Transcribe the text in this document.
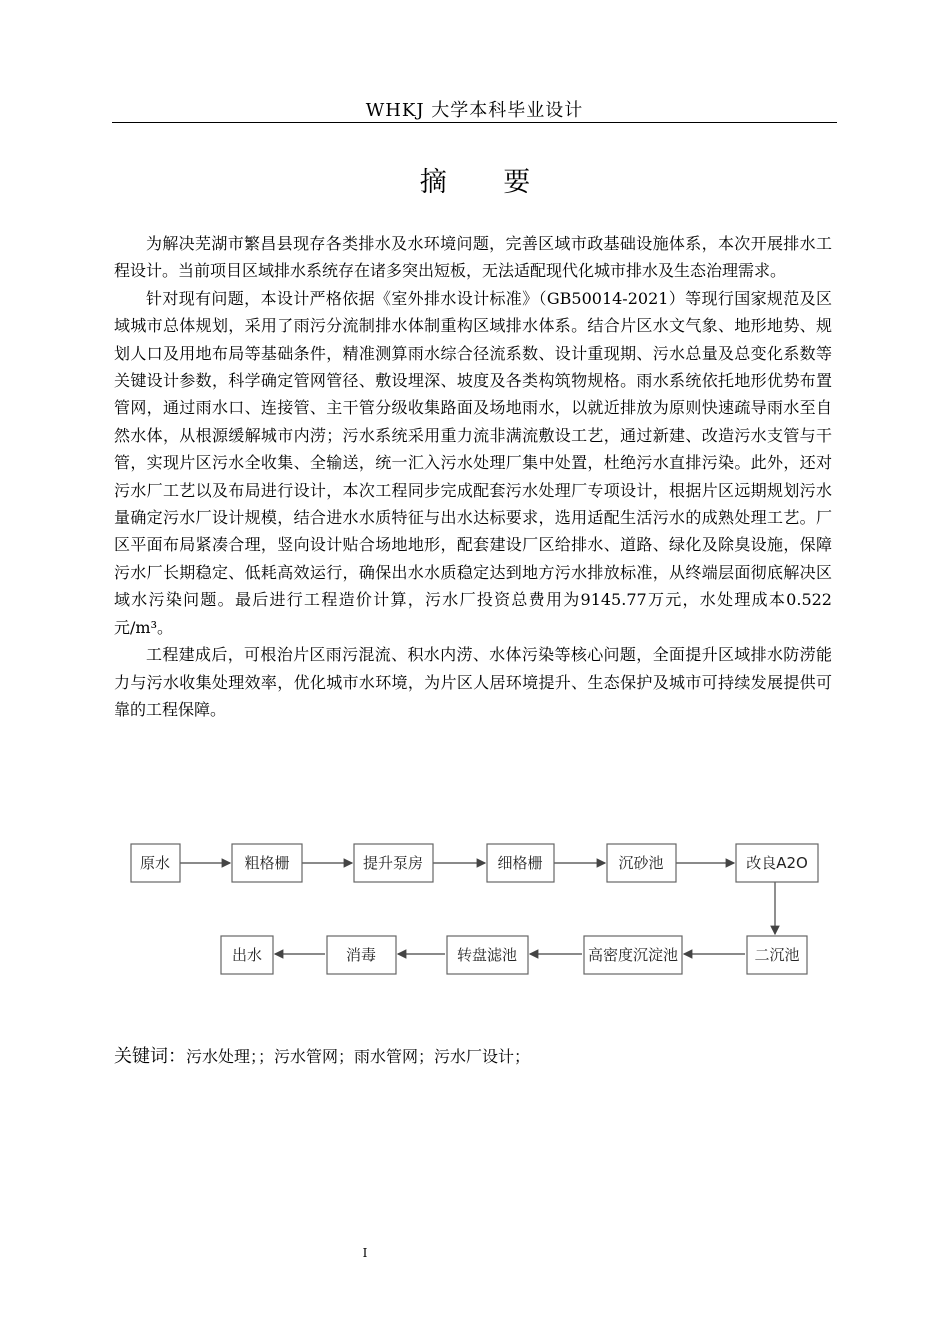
WHKJ 大学本科毕业设计
摘 要

为解决芜湖市繁昌县现存各类排水及水环境问题，完善区域市政基础设施体系，本次开展排水工程设计。当前项目区域排水系统存在诸多突出短板，无法适配现代化城市排水及生态治理需求。

针对现有问题，本设计严格依据《室外排水设计标准》（GB50014-2021）等现行国家规范及区域城市总体规划，采用了雨污分流制排水体制重构区域排水体系。结合片区水文气象、地形地势、规划人口及用地布局等基础条件，精准测算雨水综合径流系数、设计重现期、污水总量及总变化系数等关键设计参数，科学确定管网管径、敷设埋深、坡度及各类构筑物规格。雨水系统依托地形优势布置管网，通过雨水口、连接管、主干管分级收集路面及场地雨水，以就近排放为原则快速疏导雨水至自然水体，从根源缓解城市内涝；污水系统采用重力流非满流敷设工艺，通过新建、改造污水支管与干管，实现片区污水全收集、全输送，统一汇入污水处理厂集中处置，杜绝污水直排污染。此外，还对污水厂工艺以及布局进行设计，本次工程同步完成配套污水处理厂专项设计，根据片区远期规划污水量确定污水厂设计规模，结合进水水质特征与出水达标要求，选用适配生活污水的成熟处理工艺。厂区平面布局紧凑合理，竖向设计贴合场地地形，配套建设厂区给排水、道路、绿化及除臭设施，保障污水厂长期稳定、低耗高效运行，确保出水水质稳定达到地方污水排放标准，从终端层面彻底解决区域水污染问题。最后进行工程造价计算，污水厂投资总费用为9145.77万元，水处理成本0.522元/m³。

工程建成后，可根治片区雨污混流、积水内涝、水体污染等核心问题，全面提升区域排水防涝能力与污水收集处理效率，优化城市水环境，为片区人居环境提升、生态保护及城市可持续发展提供可靠的工程保障。

原水	粗格栅	提升泵房	细格栅	沉砂池	改良A2O
出水	消毒	转盘滤池	高密度沉淀池	二沉池
关键词：污水处理；；污水管网；雨水管网；污水厂设计；
I
